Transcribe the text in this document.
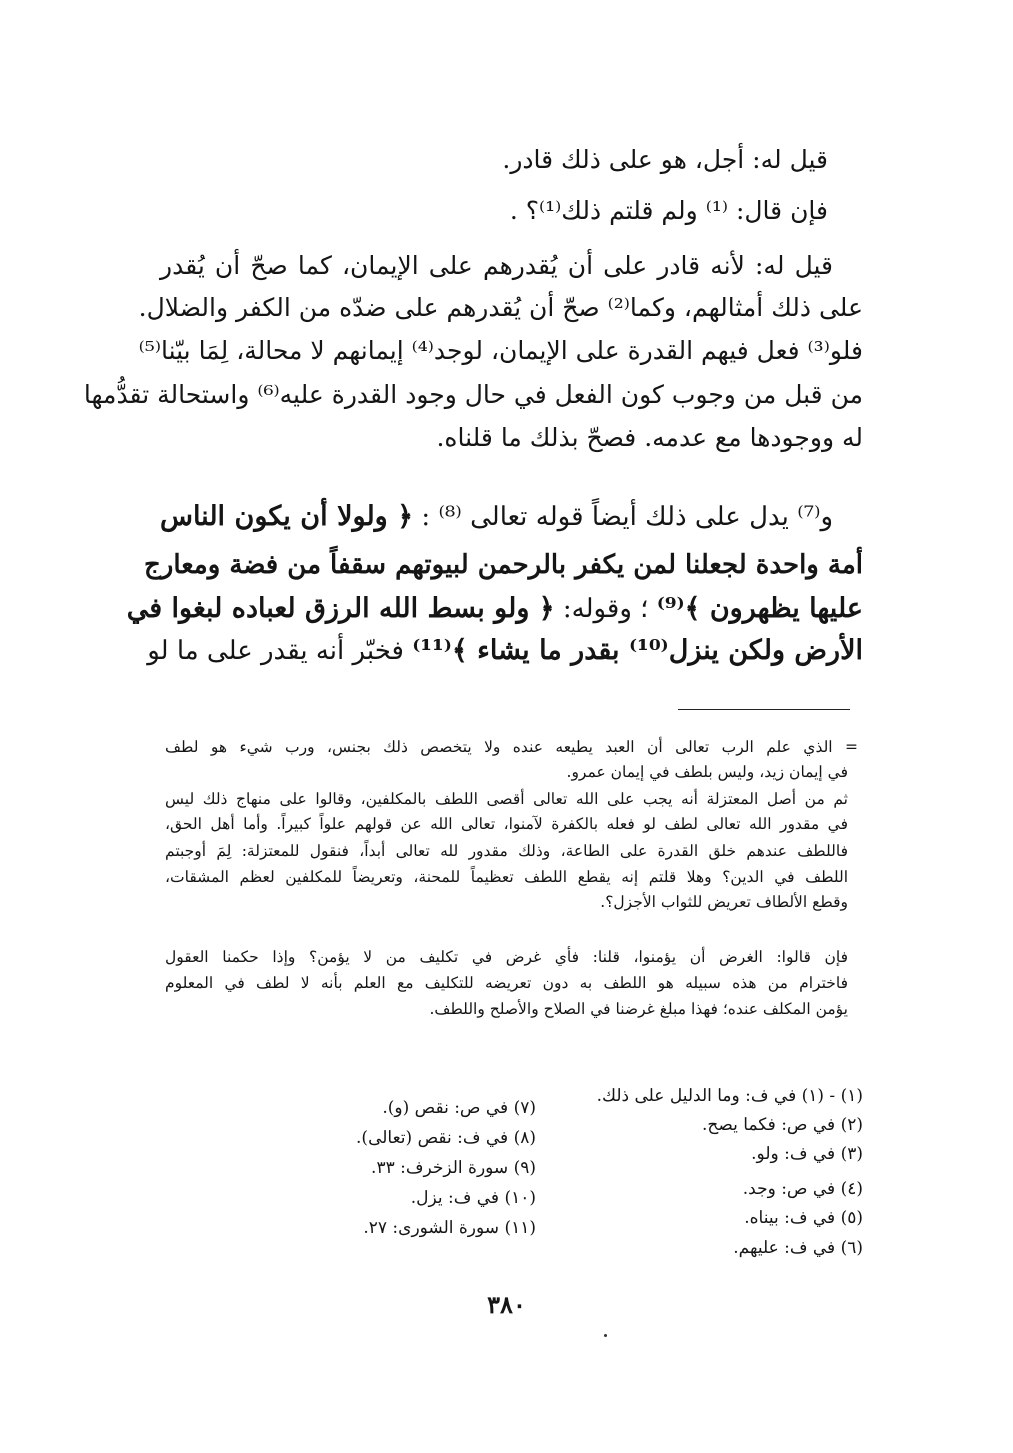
قيل له: أجل، هو على ذلك قادر.
فإن قال: ⁽¹⁾ ولم قلتم ذلك⁽¹⁾؟ .
قيل له: لأنه قادر على أن يُقدرهم على الإيمان، كما صحّ أن يُقدر
على ذلك أمثالهم، وكما⁽²⁾ صحّ أن يُقدرهم على ضدّه من الكفر والضلال.
فلو⁽³⁾ فعل فيهم القدرة على الإيمان، لوجد⁽⁴⁾ إيمانهم لا محالة، لِمَا بيّنا⁽⁵⁾
من قبل من وجوب كون الفعل في حال وجود القدرة عليه⁽⁶⁾ واستحالة تقدُّمها
له ووجودها مع عدمه. فصحّ بذلك ما قلناه.
و⁽⁷⁾ يدل على ذلك أيضاً قوله تعالى ⁽⁸⁾ : ﴿ ولولا أن يكون الناس
أمة واحدة لجعلنا لمن يكفر بالرحمن لبيوتهم سقفاً من فضة ومعارج
عليها يظهرون ﴾⁽⁹⁾ ؛ وقوله: ﴿ ولو بسط الله الرزق لعباده لبغوا في
الأرض ولكن ينزل⁽¹⁰⁾ بقدر ما يشاء ﴾⁽¹¹⁾ فخبّر أنه يقدر على ما لو
= الذي علم الرب تعالى أن العبد يطيعه عنده ولا يتخصص ذلك بجنس، ورب شيء هو لطف
في إيمان زيد، وليس بلطف في إيمان عمرو.
ثم من أصل المعتزلة أنه يجب على الله تعالى أقصى اللطف بالمكلفين، وقالوا على منهاج ذلك ليس
في مقدور الله تعالى لطف لو فعله بالكفرة لآمنوا، تعالى الله عن قولهم علواً كبيراً. وأما أهل الحق،
فاللطف عندهم خلق القدرة على الطاعة، وذلك مقدور لله تعالى أبداً، فنقول للمعتزلة: لِمَ أوجبتم
اللطف في الدين؟ وهلا قلتم إنه يقطع اللطف تعظيماً للمحنة، وتعريضاً للمكلفين لعظم المشقات،
وقطع الألطاف تعريض للثواب الأجزل؟.
فإن قالوا: الغرض أن يؤمنوا، قلنا: فأي غرض في تكليف من لا يؤمن؟ وإذا حكمنا العقول
فاخترام من هذه سبيله هو اللطف به دون تعريضه للتكليف مع العلم بأنه لا لطف في المعلوم
يؤمن المكلف عنده؛ فهذا مبلغ غرضنا في الصلاح والأصلح واللطف.
(١) - (١) في ف: وما الدليل على ذلك.
(٢) في ص: فكما يصح.
(٣) في ف: ولو.
(٤) في ص: وجد.
(٥) في ف: بيناه.
(٦) في ف: عليهم.
(٧) في ص: نقص (و).
(٨) في ف: نقص (تعالى).
(٩) سورة الزخرف: ٣٣.
(١٠) في ف: يزل.
(١١) سورة الشورى: ٢٧.
٣٨٠
